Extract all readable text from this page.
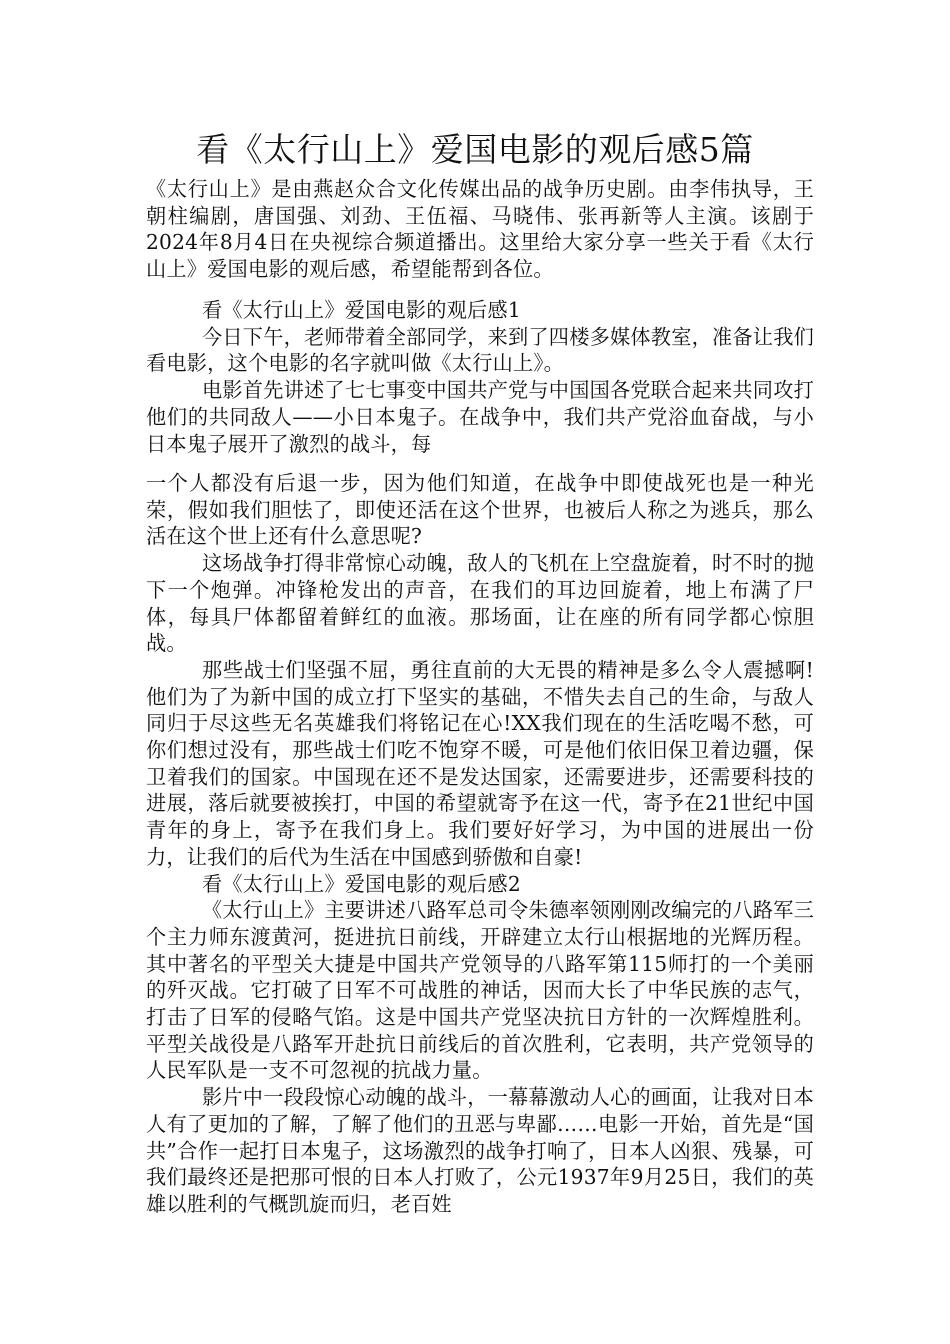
看《太行山上》爱国电影的观后感5篇

《太行山上》是由燕赵众合文化传媒出品的战争历史剧。由李伟执导，王朝柱编剧，唐国强、刘劲、王伍福、马晓伟、张再新等人主演。该剧于2024年8月4日在央视综合频道播出。这里给大家分享一些关于看《太行山上》爱国电影的观后感，希望能帮到各位。

看《太行山上》爱国电影的观后感1

今日下午，老师带着全部同学，来到了四楼多媒体教室，准备让我们看电影，这个电影的名字就叫做《太行山上》。

电影首先讲述了七七事变中国共产党与中国国各党联合起来共同攻打他们的共同敌人——小日本鬼子。在战争中，我们共产党浴血奋战，与小日本鬼子展开了激烈的战斗，每

一个人都没有后退一步，因为他们知道，在战争中即使战死也是一种光荣，假如我们胆怯了，即使还活在这个世界，也被后人称之为逃兵，那么活在这个世上还有什么意思呢?

这场战争打得非常惊心动魄，敌人的飞机在上空盘旋着，时不时的抛下一个炮弹。冲锋枪发出的声音，在我们的耳边回旋着，地上布满了尸体，每具尸体都留着鲜红的血液。那场面，让在座的所有同学都心惊胆战。

那些战士们坚强不屈，勇往直前的大无畏的精神是多么令人震撼啊!他们为了为新中国的成立打下坚实的基础，不惜失去自己的生命，与敌人同归于尽这些无名英雄我们将铭记在心!XX我们现在的生活吃喝不愁，可你们想过没有，那些战士们吃不饱穿不暖，可是他们依旧保卫着边疆，保卫着我们的国家。中国现在还不是发达国家，还需要进步，还需要科技的进展，落后就要被挨打，中国的希望就寄予在这一代，寄予在21世纪中国青年的身上，寄予在我们身上。我们要好好学习，为中国的进展出一份力，让我们的后代为生活在中国感到骄傲和自豪!

看《太行山上》爱国电影的观后感2

《太行山上》主要讲述八路军总司令朱德率领刚刚改编完的八路军三个主力师东渡黄河，挺进抗日前线，开辟建立太行山根据地的光辉历程。其中著名的平型关大捷是中国共产党领导的八路军第115师打的一个美丽的歼灭战。它打破了日军不可战胜的神话，因而大长了中华民族的志气，打击了日军的侵略气馅。这是中国共产党坚决抗日方针的一次辉煌胜利。平型关战役是八路军开赴抗日前线后的首次胜利，它表明，共产党领导的人民军队是一支不可忽视的抗战力量。

影片中一段段惊心动魄的战斗，一幕幕激动人心的画面，让我对日本人有了更加的了解，了解了他们的丑恶与卑鄙……电影一开始，首先是“国共”合作一起打日本鬼子，这场激烈的战争打响了，日本人凶狠、残暴，可我们最终还是把那可恨的日本人打败了，公元1937年9月25日，我们的英雄以胜利的气概凯旋而归，老百姓
